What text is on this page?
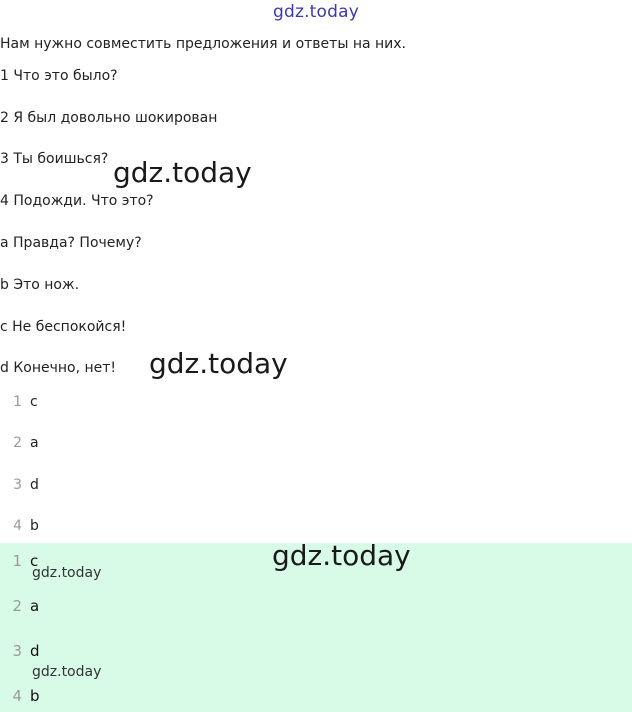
gdz.today
Нам нужно совместить предложения и ответы на них.
1 Что это было?
2 Я был довольно шокирован
3 Ты боишься?
4 Подожди. Что это?
a Правда? Почему?
b Это нож.
c Не беспокойся!
d Конечно, нет!
1 c
2 a
3 d
4 b
1 c
2 a
3 d
4 b
gdz.today
gdz.today
gdz.today
gdz.today
gdz.today
